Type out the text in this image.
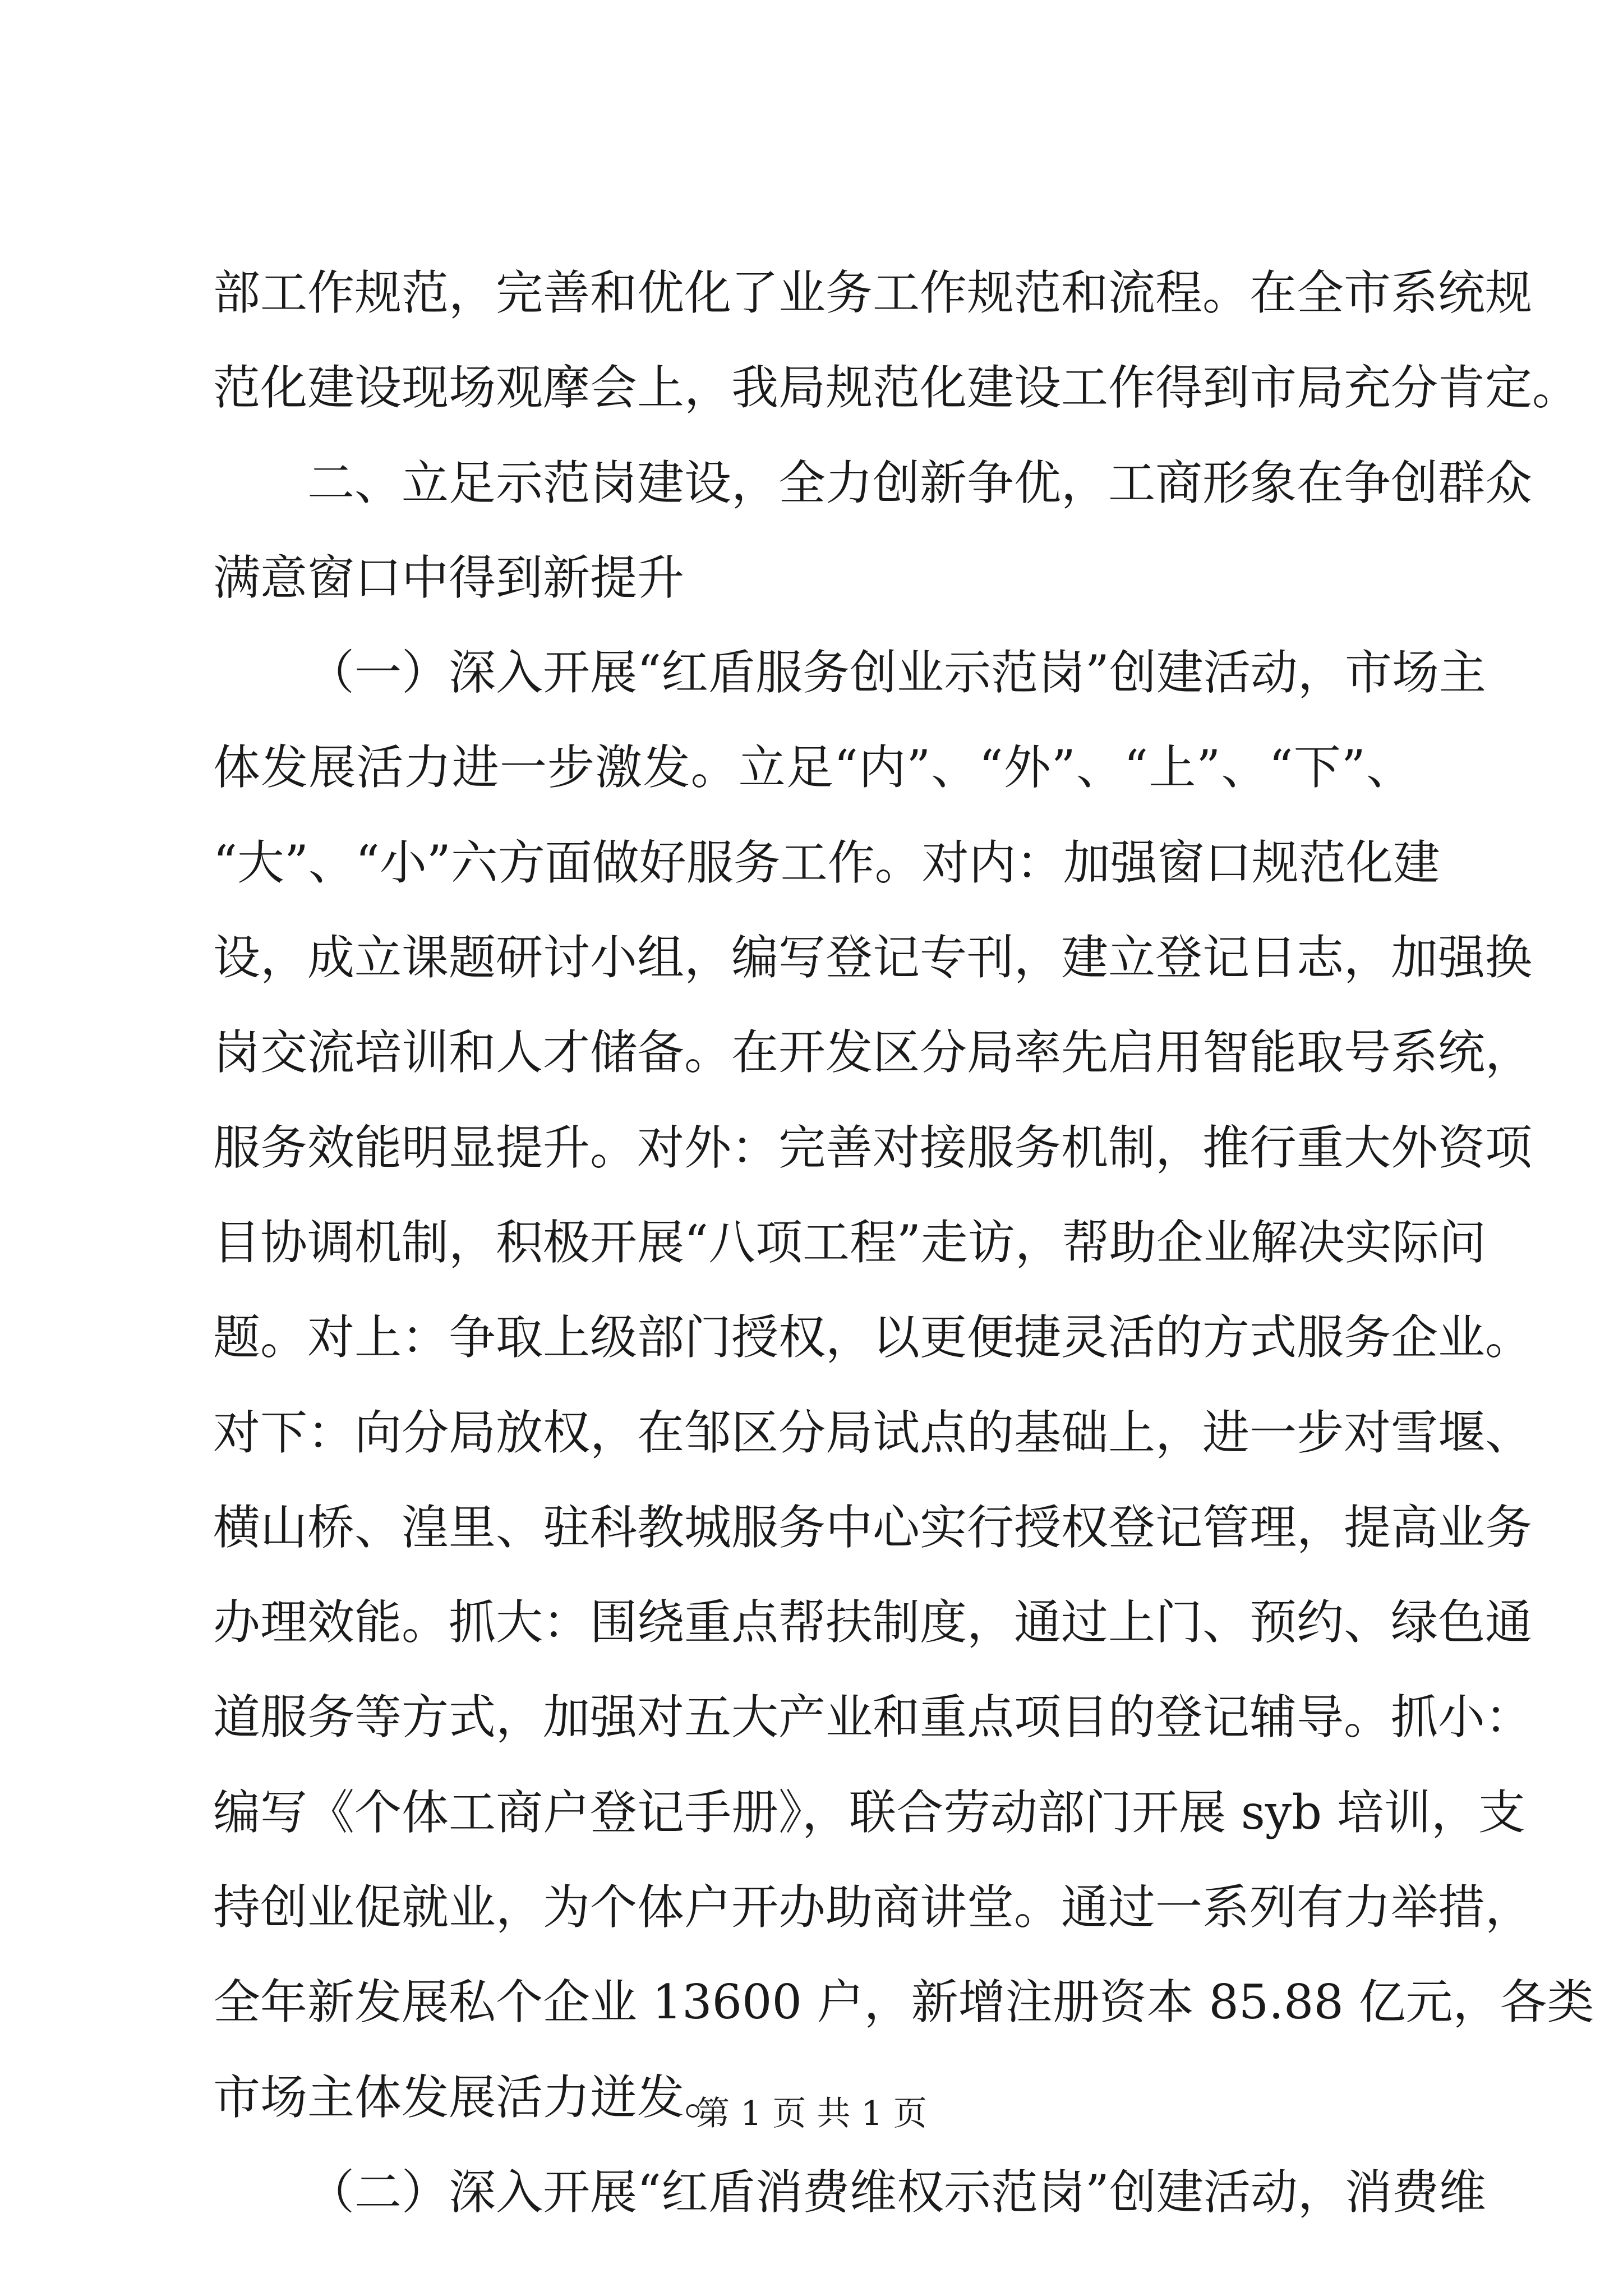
部工作规范，完善和优化了业务工作规范和流程。在全市系统规
范化建设现场观摩会上，我局规范化建设工作得到市局充分肯定。
二、立足示范岗建设，全力创新争优，工商形象在争创群众
满意窗口中得到新提升
（一）深入开展“红盾服务创业示范岗”创建活动，市场主
体发展活力进一步激发。立足“内”、“外”、“上”、“下”、
“大”、“小”六方面做好服务工作。对内：加强窗口规范化建
设，成立课题研讨小组，编写登记专刊，建立登记日志，加强换
岗交流培训和人才储备。在开发区分局率先启用智能取号系统，
服务效能明显提升。对外：完善对接服务机制，推行重大外资项
目协调机制，积极开展“八项工程”走访，帮助企业解决实际问
题。对上：争取上级部门授权，以更便捷灵活的方式服务企业。
对下：向分局放权，在邹区分局试点的基础上，进一步对雪堰、
横山桥、湟里、驻科教城服务中心实行授权登记管理，提高业务
办理效能。抓大：围绕重点帮扶制度，通过上门、预约、绿色通
道服务等方式，加强对五大产业和重点项目的登记辅导。抓小：
编写《个体工商户登记手册》，联合劳动部门开展 syb 培训，支
持创业促就业，为个体户开办助商讲堂。通过一系列有力举措，
全年新发展私个企业 13600 户，新增注册资本 85.88 亿元，各类
市场主体发展活力迸发。
（二）深入开展“红盾消费维权示范岗”创建活动，消费维
第 1 页 共 1 页
